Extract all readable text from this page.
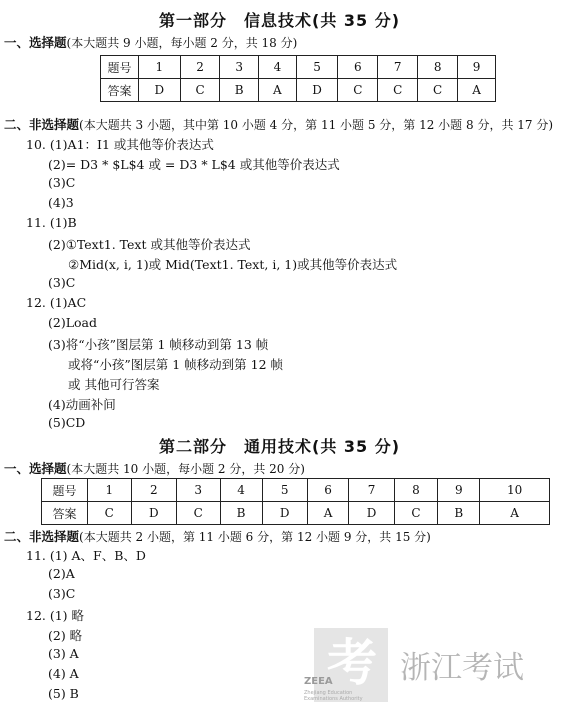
第一部分　信息技术(共 35 分)
一、选择题(本大题共 9 小题，每小题 2 分，共 18 分)
题号	1	2	3	4	5	6	7	8	9
答案	D	C	B	A	D	C	C	C	A
二、非选择题(本大题共 3 小题，其中第 10 小题 4 分，第 11 小题 5 分，第 12 小题 8 分，共 17 分)
10. (1)A1：I1 或其他等价表达式
(2)= D3 * $L$4 或 = D3 * L$4 或其他等价表达式
(3)C
(4)3
11. (1)B
(2)①Text1. Text 或其他等价表达式
②Mid(x, i, 1)或 Mid(Text1. Text, i, 1)或其他等价表达式
(3)C
12. (1)AC
(2)Load
(3)将“小孩”图层第 1 帧移动到第 13 帧
或将“小孩”图层第 1 帧移动到第 12 帧
或 其他可行答案
(4)动画补间
(5)CD
第二部分　通用技术(共 35 分)
一、选择题(本大题共 10 小题，每小题 2 分，共 20 分)
题号	1	2	3	4	5	6	7	8	9	10
答案	C	D	C	B	D	A	D	C	B	A
二、非选择题(本大题共 2 小题，第 11 小题 6 分，第 12 小题 9 分，共 15 分)
11. (1) A、F、B、D
(2)A
(3)C
12. (1) 略
(2) 略
(3) A
(4) A
(5) B
考
ZEEA
Zhejiang Education
Examinations Authority
浙江考试
